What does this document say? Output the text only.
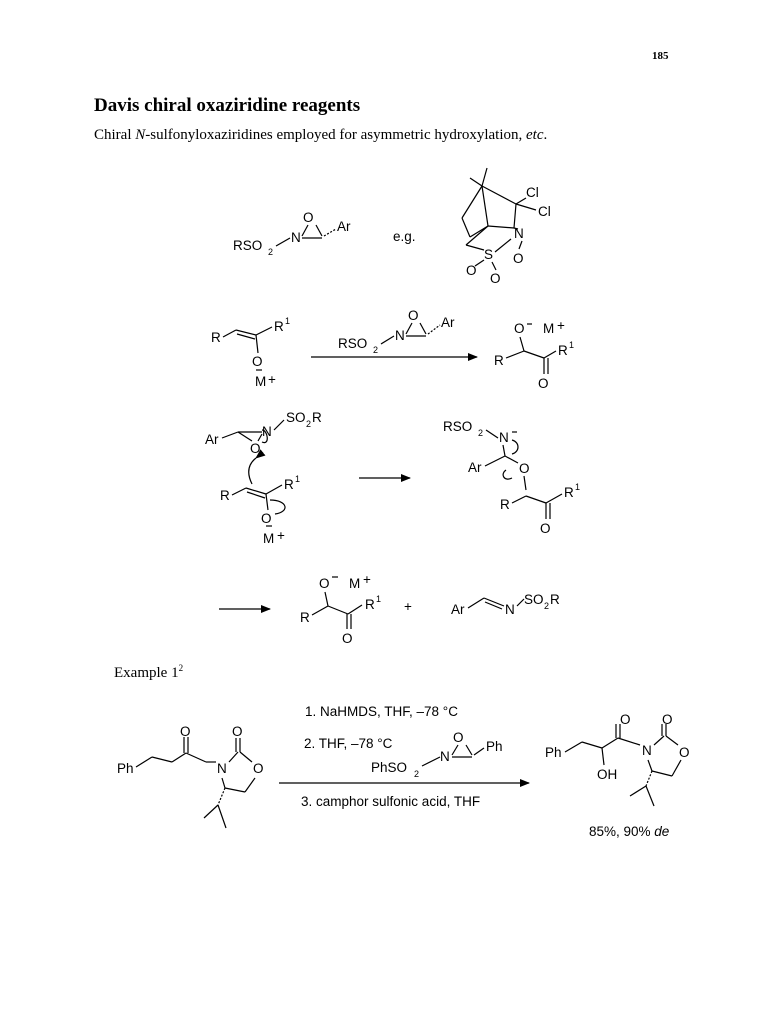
185
Davis chiral oxaziridine reagents
Chiral N-sulfonyloxaziridines employed for asymmetric hydroxylation, etc.
Example $1^2$
RSO 2
N
O
Ar
e.g.
S
N
O
O
O
Cl
Cl
R
R 1
O
M +
RSO 2
N
O Ar	O M +
R
R 1
O
Ar
N
SO 2 R
O
R
R 1
O
M +
RSO 2 N
Ar	O
R
R 1
O
O M +
R
R 1
O
+	Ar	N
SO 2 R
Ph
O
N
O
O
1. NaHMDS, THF, –78 °C
2. THF, –78 °C
PhSO 2
N
O
Ph
3. camphor sulfonic acid, THF
Ph
OH
O
N
O
O
85%, 90% de
